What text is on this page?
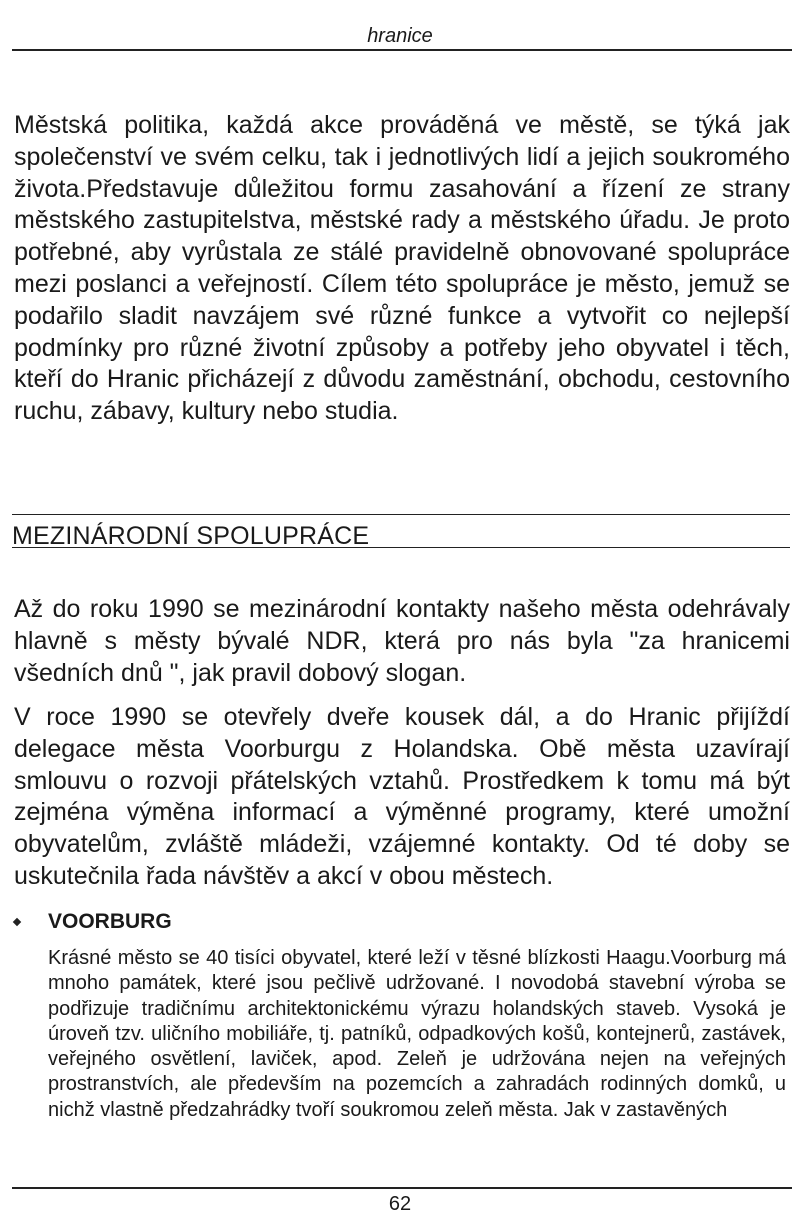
hranice

Městská politika, každá akce prováděná ve městě, se týká jak společenství ve svém celku, tak i jednotlivých lidí a jejich soukromého života.Představuje důležitou formu zasahování a řízení ze strany městského zastupitelstva, městské rady a městského úřadu. Je proto potřebné, aby vyrůstala ze stálé pravidelně obnovované spolupráce mezi poslanci a veřejností. Cílem této spolupráce je město, jemuž se podařilo sladit navzájem své různé funkce a vytvořit co nejlepší podmínky pro různé životní způsoby a potřeby jeho obyvatel i těch, kteří do Hranic přicházejí z důvodu zaměstnání, obchodu, cestovního ruchu, zábavy, kultury nebo studia.

MEZINÁRODNÍ SPOLUPRÁCE

Až do roku 1990 se mezinárodní kontakty našeho města odehrávaly hlavně s městy bývalé NDR, která pro nás byla "za hranicemi všedních dnů ", jak pravil dobový slogan.

V roce 1990 se otevřely dveře kousek dál, a do Hranic přijíždí delegace města Voorburgu z Holandska. Obě města uzavírají smlouvu o rozvoji přátelských vztahů. Prostředkem k tomu má být zejména výměna informací a výměnné programy, které umožní obyvatelům, zvláště mládeži, vzájemné kontakty. Od té doby se uskutečnila řada návštěv a akcí v obou městech.

VOORBURG

Krásné město se 40 tisíci obyvatel, které leží v těsné blízkosti Haagu.Voorburg má mnoho památek, které jsou pečlivě udržované. I novodobá stavební výroba se podřizuje tradičnímu architektonickému výrazu holandských staveb. Vysoká je úroveň tzv. uličního mobiliáře, tj. patníků, odpadkových košů, kontejnerů, zastávek, veřejného osvětlení, laviček, apod. Zeleň je udržována nejen na veřejných prostranstvích, ale především na pozemcích a zahradách rodinných domků, u nichž vlastně předzahrádky tvoří soukromou zeleň města. Jak v zastavěných

62
